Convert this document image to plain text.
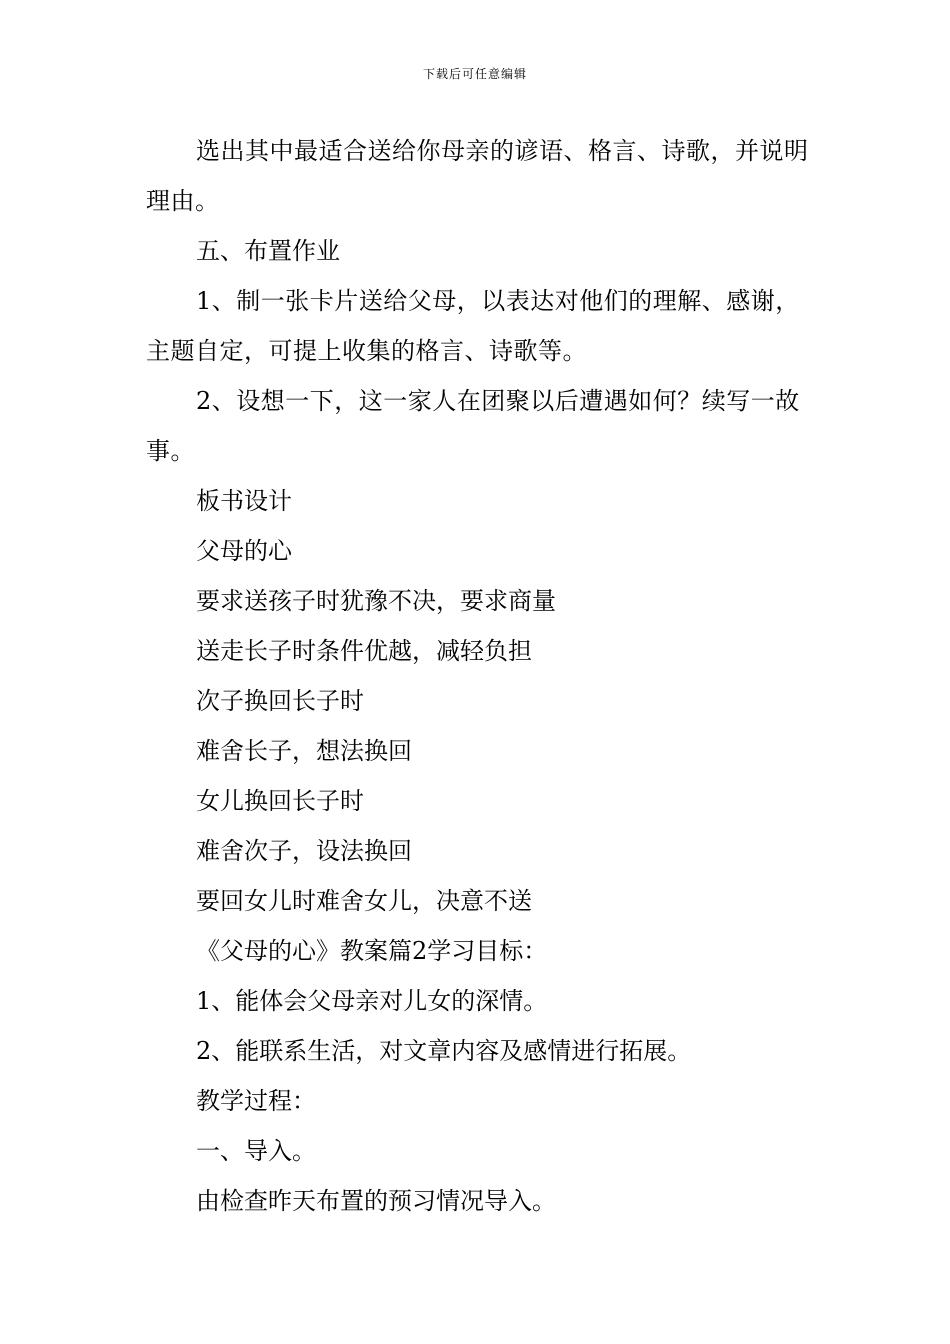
下载后可任意编辑

选出其中最适合送给你母亲的谚语、格言、诗歌，并说明理由。

五、布置作业

1、制一张卡片送给父母，以表达对他们的理解、感谢，主题自定，可提上收集的格言、诗歌等。

2、设想一下，这一家人在团聚以后遭遇如何？续写一故事。

板书设计

父母的心

要求送孩子时犹豫不决，要求商量

送走长子时条件优越，减轻负担

次子换回长子时

难舍长子，想法换回

女儿换回长子时

难舍次子，设法换回

要回女儿时难舍女儿，决意不送

《父母的心》教案篇2学习目标：

1、能体会父母亲对儿女的深情。

2、能联系生活，对文章内容及感情进行拓展。

教学过程：

一、导入。

由检查昨天布置的预习情况导入。
